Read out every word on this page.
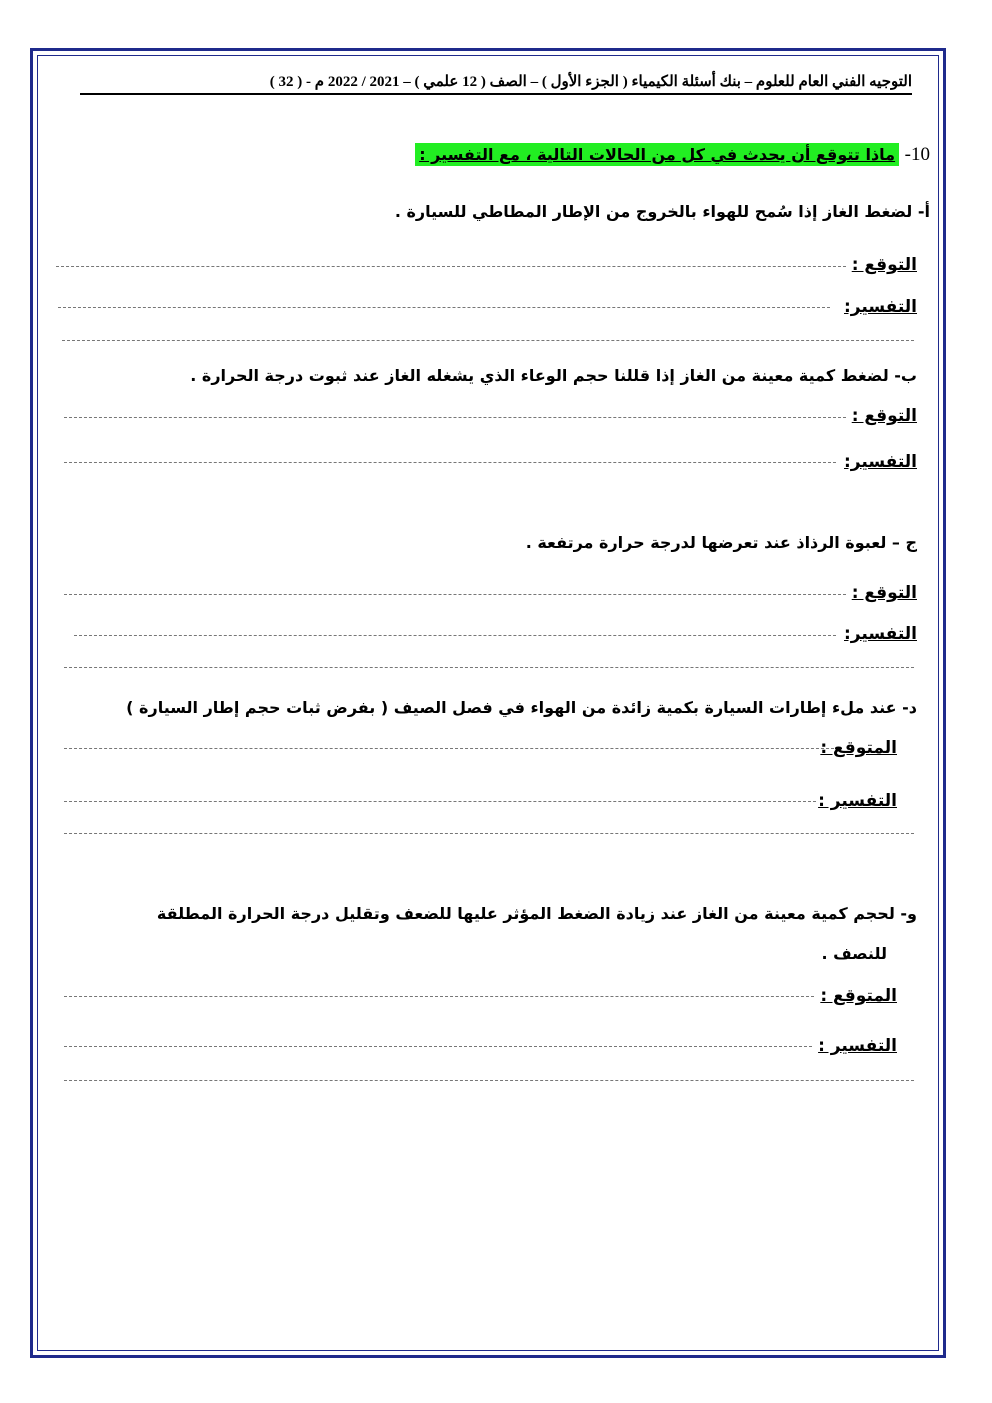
التوجيه الفني العام للعلوم – بنك أسئلة الكيمياء ( الجزء الأول ) – الصف ( 12 علمي ) – 2021 / 2022 م - ( 32 )
10- ماذا تتوقع أن يحدث في كل من الحالات التالية ، مع التفسير :
أ- لضغط الغاز إذا سُمح للهواء بالخروج من الإطار المطاطي للسيارة .
التوقع :
التفسير:
ب- لضغط كمية معينة من الغاز إذا قللنا حجم الوعاء الذي يشغله الغاز عند ثبوت درجة الحرارة .
التوقع :
التفسير:
ج – لعبوة الرذاذ عند تعرضها لدرجة حرارة مرتفعة .
التوقع :
التفسير:
د- عند ملء إطارات السيارة بكمية زائدة من الهواء في فصل الصيف ( بفرض ثبات حجم إطار السيارة )
المتوقع :
التفسير :
و- لحجم كمية معينة من الغاز عند زيادة الضغط المؤثر عليها للضعف وتقليل درجة الحرارة المطلقة
للنصف .
المتوقع :
التفسير :
